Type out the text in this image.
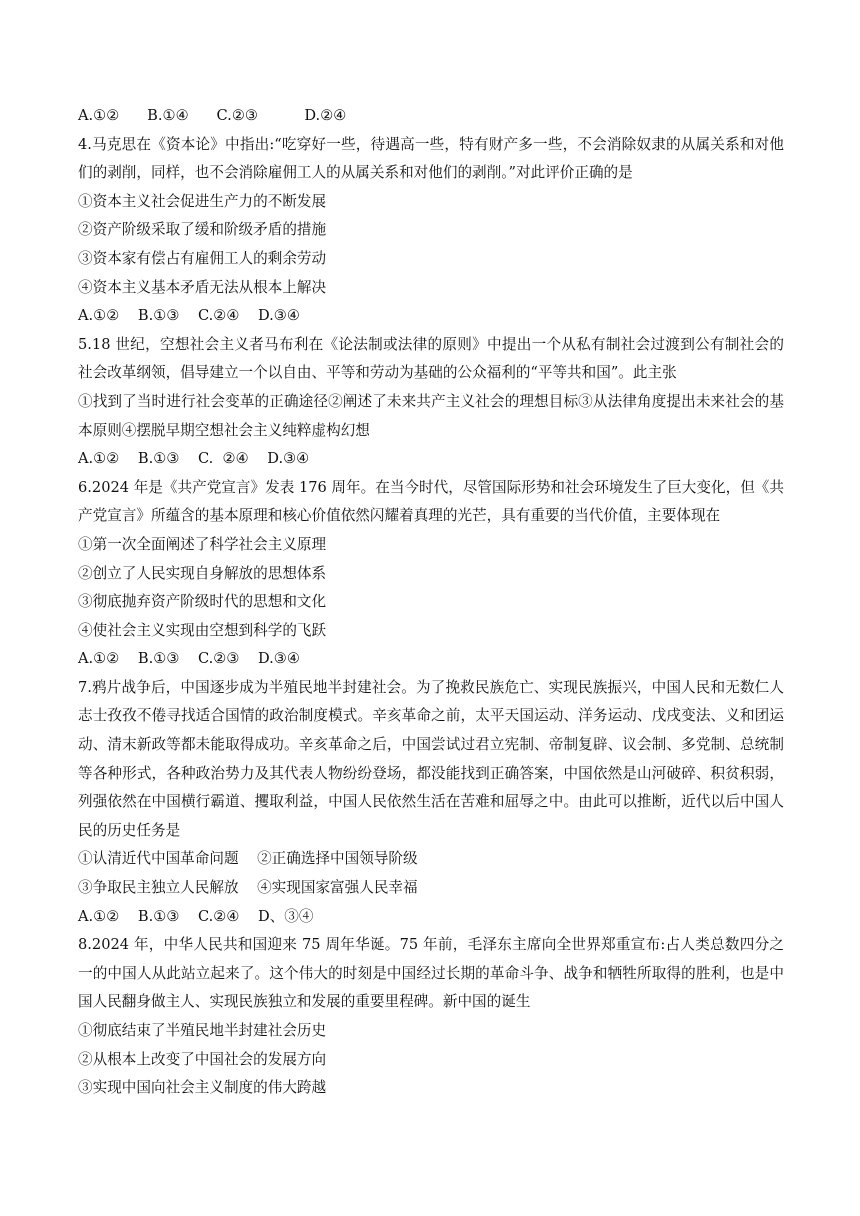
A.①②      B.①④      C.②③          D.②④
4.马克思在《资本论》中指出:“吃穿好一些，待遇高一些，特有财产多一些，不会消除奴隶的从属关系和对他们的剥削，同样，也不会消除雇佣工人的从属关系和对他们的剥削。”对此评价正确的是
①资本主义社会促进生产力的不断发展
②资产阶级采取了缓和阶级矛盾的措施
③资本家有偿占有雇佣工人的剩余劳动
④资本主义基本矛盾无法从根本上解决
A.①②    B.①③    C.②④    D.③④
5.18 世纪，空想社会主义者马布利在《论法制或法律的原则》中提出一个从私有制社会过渡到公有制社会的社会改革纲领，倡导建立一个以自由、平等和劳动为基础的公众福利的“平等共和国”。此主张
①找到了当时进行社会变革的正确途径②阐述了未来共产主义社会的理想目标③从法律角度提出未来社会的基本原则④摆脱早期空想社会主义纯粹虚构幻想
A.①②    B.①③    C.  ②④    D.③④
6.2024 年是《共产党宣言》发表 176 周年。在当今时代，尽管国际形势和社会环境发生了巨大变化，但《共产党宣言》所蕴含的基本原理和核心价值依然闪耀着真理的光芒，具有重要的当代价值，主要体现在
①第一次全面阐述了科学社会主义原理
②创立了人民实现自身解放的思想体系
③彻底抛弃资产阶级时代的思想和文化
④使社会主义实现由空想到科学的飞跃
A.①②    B.①③    C.②③    D.③④
7.鸦片战争后，中国逐步成为半殖民地半封建社会。为了挽救民族危亡、实现民族振兴，中国人民和无数仁人志士孜孜不倦寻找适合国情的政治制度模式。辛亥革命之前，太平天国运动、洋务运动、戊戌变法、义和团运动、清末新政等都未能取得成功。辛亥革命之后，中国尝试过君立宪制、帝制复辟、议会制、多党制、总统制等各种形式，各种政治势力及其代表人物纷纷登场，都没能找到正确答案，中国依然是山河破碎、积贫积弱，列强依然在中国横行霸道、攫取利益，中国人民依然生活在苦难和屈辱之中。由此可以推断，近代以后中国人民的历史任务是
①认清近代中国革命问题    ②正确选择中国领导阶级
③争取民主独立人民解放    ④实现国家富强人民幸福
A.①②    B.①③    C.②④    D、③④
8.2024 年，中华人民共和国迎来 75 周年华诞。75 年前，毛泽东主席向全世界郑重宣布:占人类总数四分之一的中国人从此站立起来了。这个伟大的时刻是中国经过长期的革命斗争、战争和牺牲所取得的胜利，也是中国人民翻身做主人、实现民族独立和发展的重要里程碑。新中国的诞生
①彻底结束了半殖民地半封建社会历史
②从根本上改变了中国社会的发展方向
③实现中国向社会主义制度的伟大跨越
